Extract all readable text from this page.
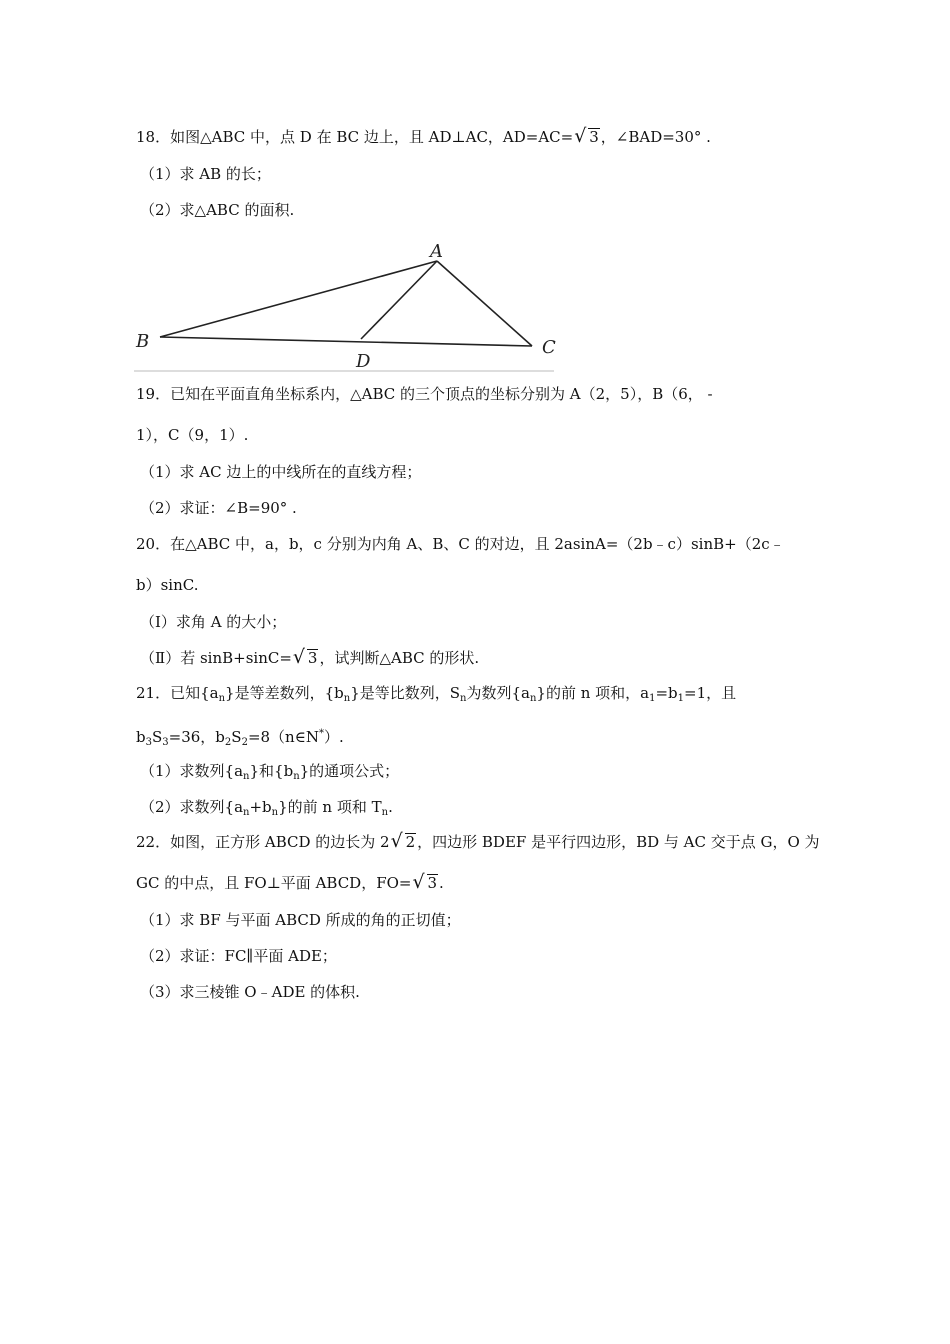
18．如图△ABC 中，点 D 在 BC 边上，且 AD⊥AC，AD=AC= √ 3 ，∠BAD=30° .
（1）求 AB 的长；
（2）求△ABC 的面积.
A
B	C
D
19．已知在平面直角坐标系内，△ABC 的三个顶点的坐标分别为 A（2，5），B（6， -
1），C（9，1）.
（1）求 AC 边上的中线所在的直线方程；
（2）求证：∠B=90° .
20．在△ABC 中，a，b，c 分别为内角 A、B、C 的对边，且 2asinA=（2b﹣c）sinB+（2c﹣
b）sinC.
（Ⅰ）求角 A 的大小；
（Ⅱ）若 sinB+sinC= √ 3 ，试判断△ABC 的形状.
21．已知$\{a_n\}$是等差数列，$\{b_n\}$是等比数列，$S_n$为数列$\{a_n\}$的前 n 项和，$a_1=b_1=1$，且
$b_3S_3=36$，$b_2S_2=8(n\in N^*)$.
（1）求数列$\{a_n\}$和$\{b_n\}$的通项公式；
（2）求数列$\{a_n+b_n\}$的前 n 项和 $T_n$.
22．如图，正方形 ABCD 的边长为 2 √ 2 ，四边形 BDEF 是平行四边形，BD 与 AC 交于点 G，O 为
GC 的中点，且 FO⊥平面 ABCD，FO= √ 3 .
（1）求 BF 与平面 ABCD 所成的角的正切值；
（2）求证：FC∥平面 ADE；
（3）求三棱锥 O﹣ADE 的体积.
